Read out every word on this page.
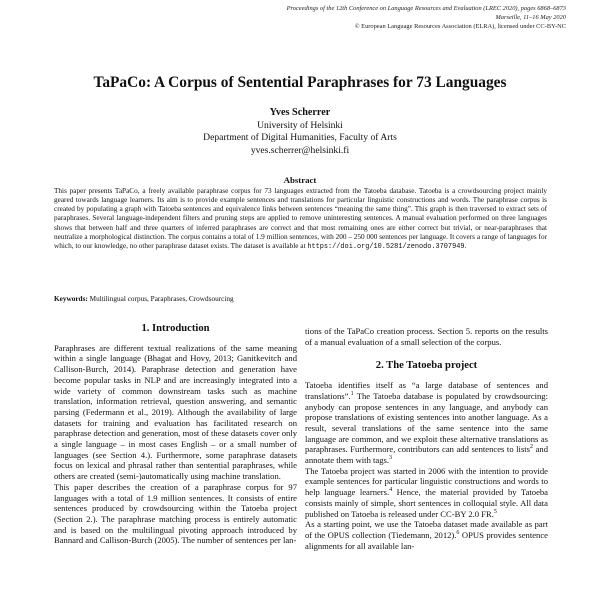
Proceedings of the 12th Conference on Language Resources and Evaluation (LREC 2020), pages 6868–6873
Marseille, 11–16 May 2020
© European Language Resources Association (ELRA), licensed under CC-BY-NC
TaPaCo: A Corpus of Sentential Paraphrases for 73 Languages
Yves Scherrer
University of Helsinki
Department of Digital Humanities, Faculty of Arts
yves.scherrer@helsinki.fi
Abstract
This paper presents TaPaCo, a freely available paraphrase corpus for 73 languages extracted from the Tatoeba database. Tatoeba is a crowdsourcing project mainly geared towards language learners. Its aim is to provide example sentences and translations for particular linguistic constructions and words. The paraphrase corpus is created by populating a graph with Tatoeba sentences and equivalence links between sentences “meaning the same thing”. This graph is then traversed to extract sets of paraphrases. Several language-independent filters and pruning steps are applied to remove uninteresting sentences. A manual evaluation performed on three languages shows that between half and three quarters of inferred paraphrases are correct and that most remaining ones are either correct but trivial, or near-paraphrases that neutralize a morphological distinction. The corpus contains a total of 1.9 million sentences, with 200 – 250 000 sentences per language. It covers a range of languages for which, to our knowledge, no other paraphrase dataset exists. The dataset is available at https://doi.org/10.5281/zenodo.3707949.
Keywords: Multilingual corpus, Paraphrases, Crowdsourcing
1. Introduction

Paraphrases are different textual realizations of the same meaning within a single language (Bhagat and Hovy, 2013; Ganitkevitch and Callison-Burch, 2014). Paraphrase detection and generation have become popular tasks in NLP and are increasingly integrated into a wide variety of common downstream tasks such as machine translation, information retrieval, question answering, and semantic parsing (Federmann et al., 2019). Although the availability of large datasets for training and evaluation has facilitated research on paraphrase detection and generation, most of these datasets cover only a single language – in most cases English – or a small number of languages (see Section 4.). Furthermore, some paraphrase datasets focus on lexical and phrasal rather than sentential paraphrases, while others are created (semi-)automatically using machine translation.

This paper describes the creation of a paraphrase corpus for 97 languages with a total of 1.9 million sentences. It consists of entire sentences produced by crowdsourcing within the Tatoeba project (Section 2.). The paraphrase matching process is entirely automatic and is based on the multilingual pivoting approach introduced by Bannard and Callison-Burch (2005). The number of sentences per lan-

tions of the TaPaCo creation process. Section 5. reports on the results of a manual evaluation of a small selection of the corpus.

2. The Tatoeba project

Tatoeba identifies itself as “a large database of sentences and translations”.$^1$ The Tatoeba database is populated by crowdsourcing: anybody can propose sentences in any language, and anybody can propose translations of existing sentences into another language. As a result, several translations of the same sentence into the same language are common, and we exploit these alternative translations as paraphrases. Furthermore, contributors can add sentences to lists$^2$ and annotate them with tags.$^3$

The Tatoeba project was started in 2006 with the intention to provide example sentences for particular linguistic constructions and words to help language learners.$^4$ Hence, the material provided by Tatoeba consists mainly of simple, short sentences in colloquial style. All data published on Tatoeba is released under CC-BY 2.0 FR.$^5$

As a starting point, we use the Tatoeba dataset made available as part of the OPUS collection (Tiedemann, 2012).$^6$ OPUS provides sentence alignments for all available lan-
